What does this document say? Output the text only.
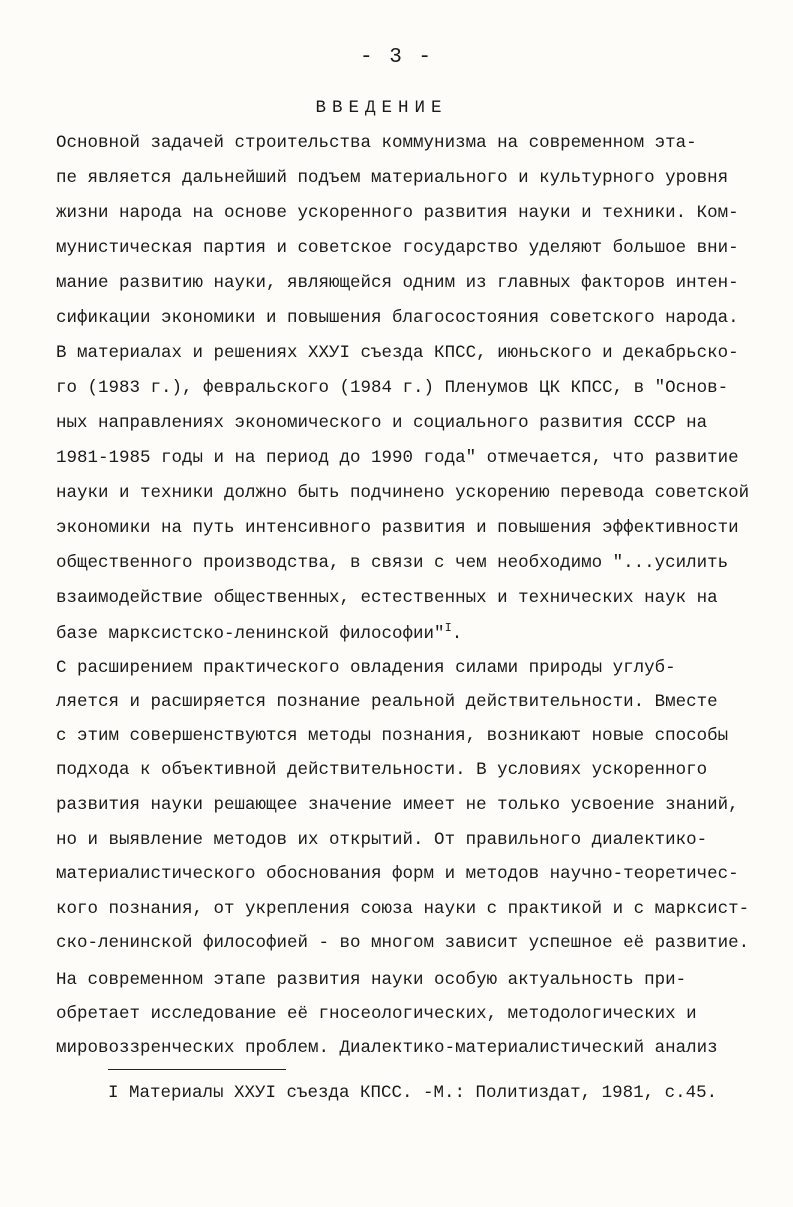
- 3 -
ВВЕДЕНИЕ
Основной задачей строительства коммунизма на современном эта-
пе является дальнейший подъем материального и культурного уровня
жизни народа на основе ускоренного развития науки и техники. Ком-
мунистическая партия и советское государство уделяют большое вни-
мание развитию науки, являющейся одним из главных факторов интен-
сификации экономики и повышения благосостояния советского народа.
В материалах и решениях ХХУI съезда КПСС, июньского и декабрьско-
го (1983 г.), февральского (1984 г.) Пленумов ЦК КПСС, в "Основ-
ных направлениях экономического и социального развития СССР на
1981-1985 годы и на период до 1990 года" отмечается, что развитие
науки и техники должно быть подчинено ускорению перевода советской
экономики на путь интенсивного развития и повышения эффективности
общественного производства, в связи с чем необходимо "...усилить
взаимодействие общественных, естественных и технических наук на
базе марксистско-ленинской философии"$^I$.
С расширением практического овладения силами природы углуб-
ляется и расширяется познание реальной действительности. Вместе
с этим совершенствуются методы познания, возникают новые способы
подхода к объективной действительности. В условиях ускоренного
развития науки решающее значение имеет не только усвоение знаний,
но и выявление методов их открытий. От правильного диалектико-
материалистического обоснования форм и методов научно-теоретичес-
кого познания, от укрепления союза науки с практикой и с марксист-
ско-ленинской философией - во многом зависит успешное её развитие.
На современном этапе развития науки особую актуальность при-
обретает исследование её гносеологических, методологических и
мировоззренческих проблем. Диалектико-материалистический анализ
I Материалы ХХУI съезда КПСС. -М.: Политиздат, 1981, с.45.
